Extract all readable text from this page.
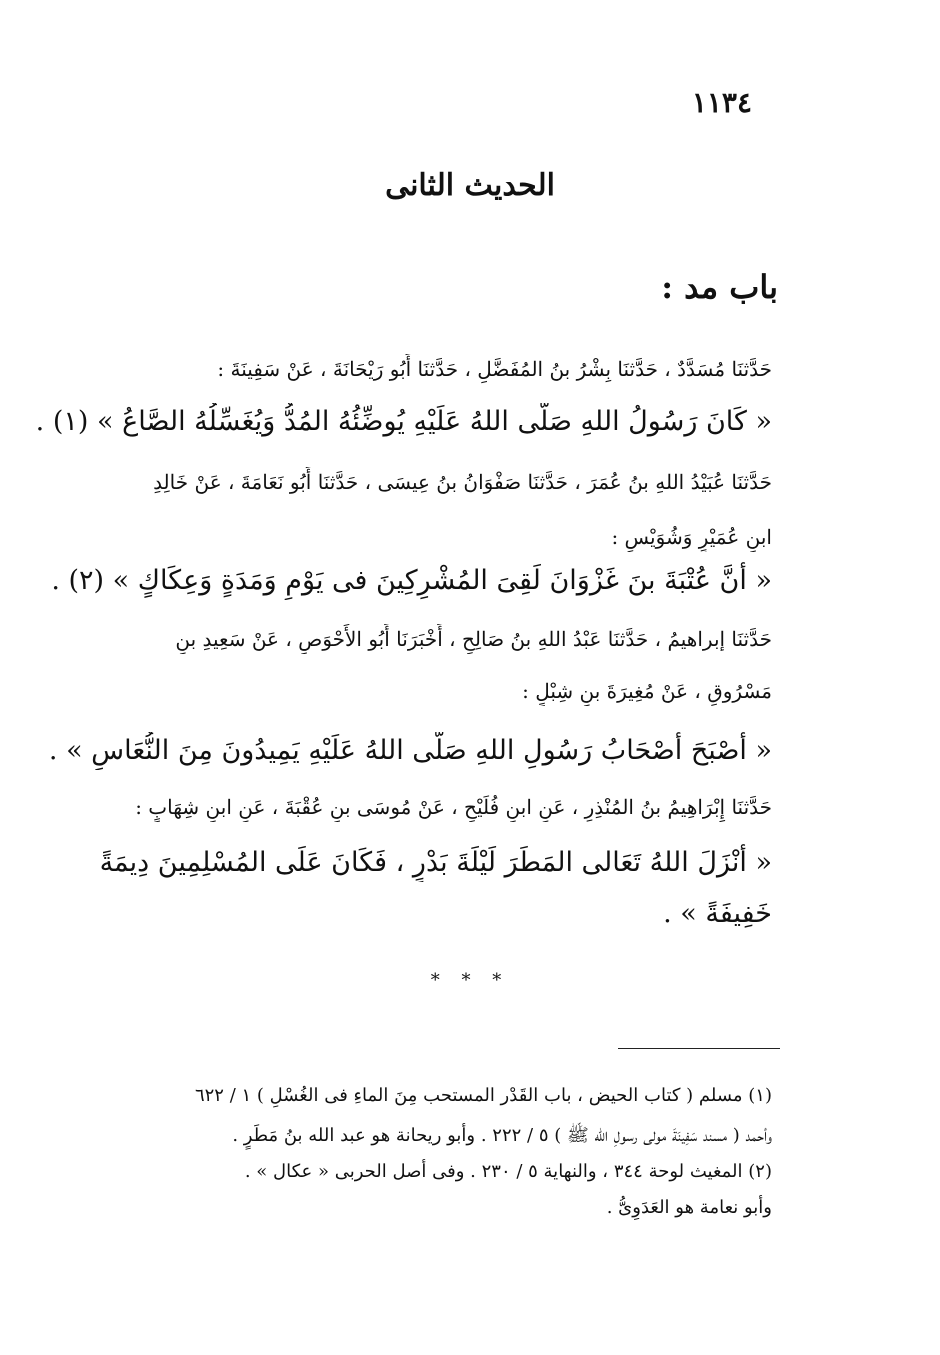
١١٣٤
الحديث الثانى
باب مد :
حَدَّثنَا مُسَدَّدٌ ، حَدَّثنَا بِشْرُ بنُ المُفَضَّلِ ، حَدَّثنَا أَبُو رَيْحَانَةَ ، عَنْ سَفِينَةَ :
« كَانَ رَسُولُ اللهِ صَلَّى اللهُ عَلَيْهِ يُوضِّئُهُ المُدُّ وَيُغَسِّلُهُ الصَّاعُ » (١) .
حَدَّثنَا عُبَيْدُ اللهِ بنُ عُمَرَ ، حَدَّثنَا صَفْوَانُ بنُ عِيسَى ، حَدَّثنَا أَبُو نَعَامَةَ ، عَنْ خَالِدِ
ابنِ عُمَيْرٍ وَشُوَيْسٍ :
« أَنَّ عُتْبَةَ بنَ غَزْوَانَ لَقِىَ المُشْرِكِينَ فى يَوْمٍ وَمَدَةٍ وَعِكَاكٍ » (٢) .
حَدَّثنَا إبراهيمُ ، حَدَّثنَا عَبْدُ اللهِ بنُ صَالِحٍ ، أَخْبَرَنَا أَبُو الأَحْوَصِ ، عَنْ سَعِيدِ بنِ
مَسْرُوقٍ ، عَنْ مُغِيرَةَ بنِ شِبْلٍ :
« أَصْبَحَ أَصْحَابُ رَسُولِ اللهِ صَلَّى اللهُ عَلَيْهِ يَمِيدُونَ مِنَ النُّعَاسِ » .
حَدَّثنَا إِبْرَاهِيمُ بنُ المُنْذِرِ ، عَنِ ابنِ فُلَيْحٍ ، عَنْ مُوسَى بنِ عُقْبَةَ ، عَنِ ابنِ شِهَابٍ :
« أَنْزَلَ اللهُ تَعَالى المَطَرَ لَيْلَةَ بَدْرٍ ، فَكَانَ عَلَى المُسْلِمِينَ دِيمَةً
خَفِيفَةً » .
* * *
(١) مسلم ( كتاب الحيض ، باب القَدْر المستحب مِنَ الماءِ فى الغُسْلِ ) ١ / ٦٢٢
وأحمد ( مسند سَفِينَةَ مولى رسولِ الله ﷺ ) ٥ / ٢٢٢ . وأبو ريحانة هو عبد الله بنُ مَطَرٍ .
(٢) المغيث لوحة ٣٤٤ ، والنهاية ٥ / ٢٣٠ . وفى أصل الحربى « عكال » .
وأبو نعامة هو العَدَوِىُّ .
